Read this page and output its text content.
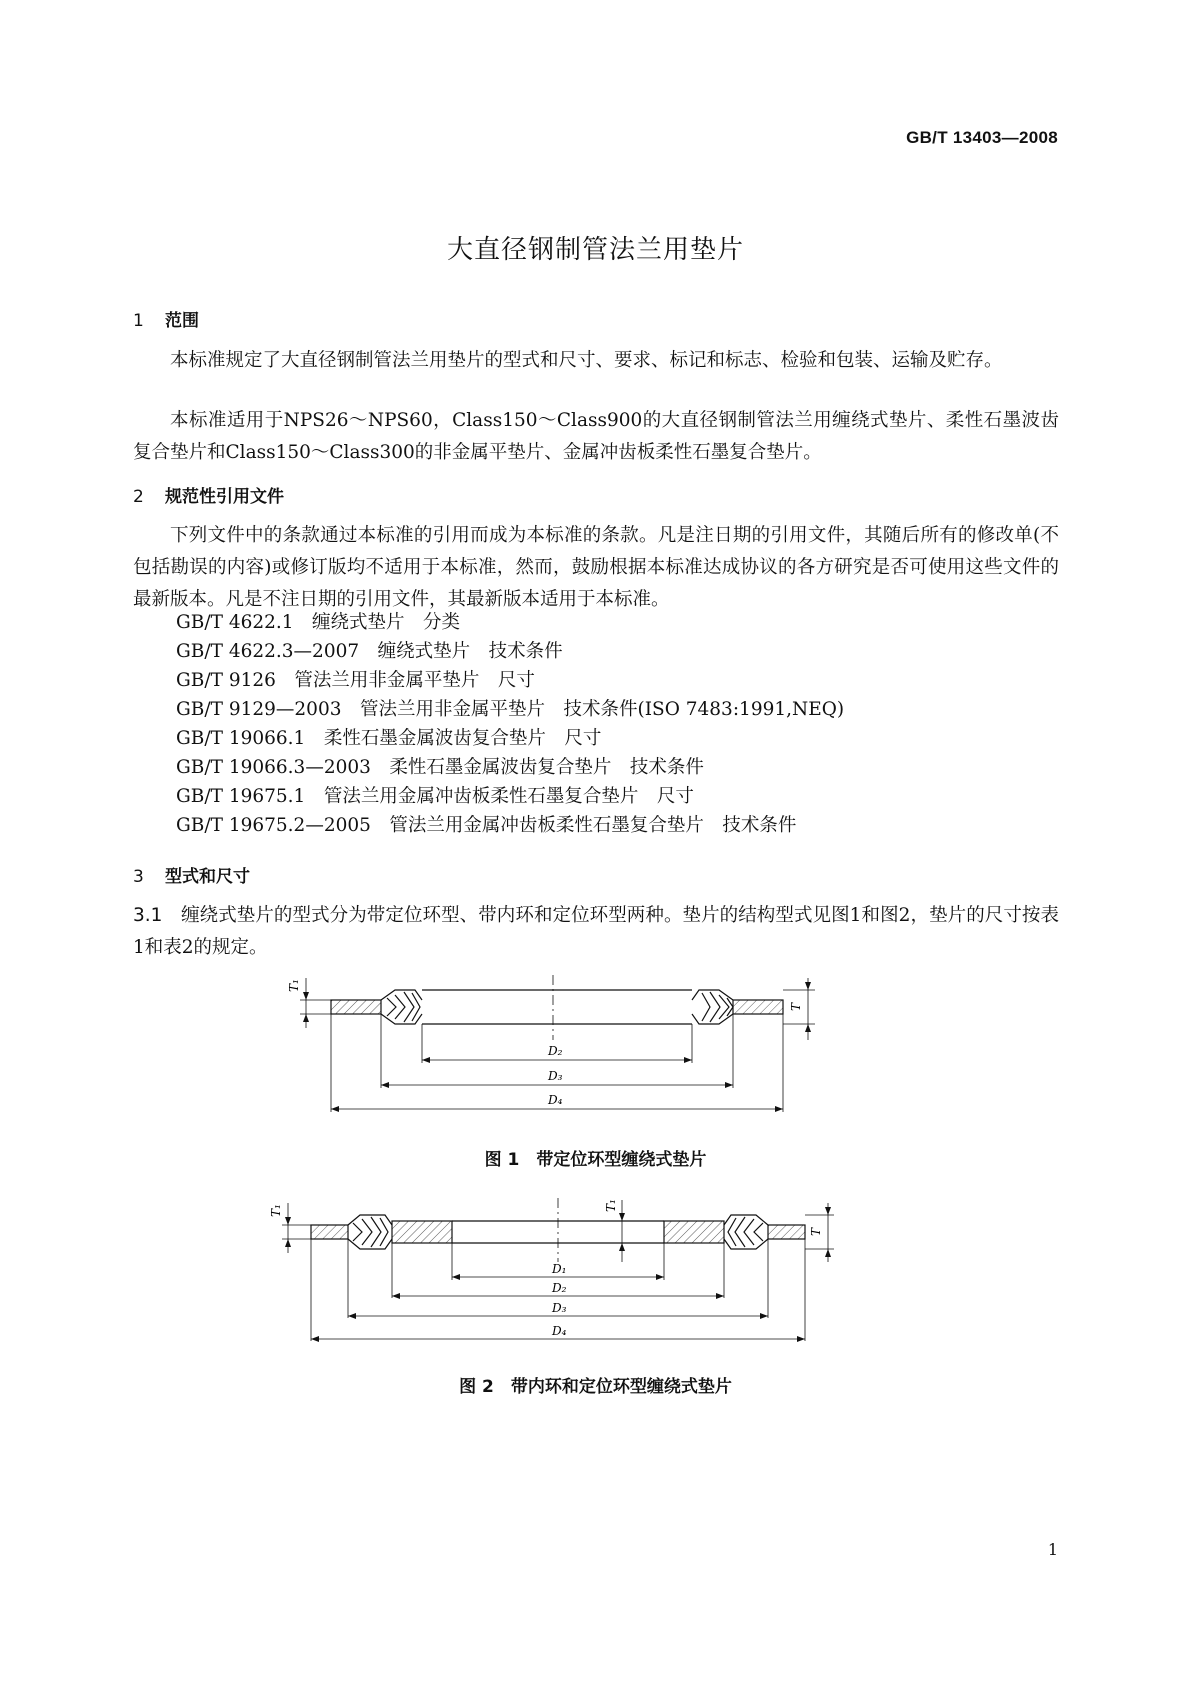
GB/T 13403—2008
大直径钢制管法兰用垫片
1 范围
本标准规定了大直径钢制管法兰用垫片的型式和尺寸、要求、标记和标志、检验和包装、运输及贮存。
本标准适用于NPS26～NPS60，Class150～Class900的大直径钢制管法兰用缠绕式垫片、柔性石墨波齿复合垫片和Class150～Class300的非金属平垫片、金属冲齿板柔性石墨复合垫片。
2 规范性引用文件
下列文件中的条款通过本标准的引用而成为本标准的条款。凡是注日期的引用文件，其随后所有的修改单(不包括勘误的内容)或修订版均不适用于本标准，然而，鼓励根据本标准达成协议的各方研究是否可使用这些文件的最新版本。凡是不注日期的引用文件，其最新版本适用于本标准。
GB/T 4622.1　缠绕式垫片　分类
GB/T 4622.3—2007　缠绕式垫片　技术条件
GB/T 9126　管法兰用非金属平垫片　尺寸
GB/T 9129—2003　管法兰用非金属平垫片　技术条件(ISO 7483:1991,NEQ)
GB/T 19066.1　柔性石墨金属波齿复合垫片　尺寸
GB/T 19066.3—2003　柔性石墨金属波齿复合垫片　技术条件
GB/T 19675.1　管法兰用金属冲齿板柔性石墨复合垫片　尺寸
GB/T 19675.2—2005　管法兰用金属冲齿板柔性石墨复合垫片　技术条件
3 型式和尺寸
3.1　 缠绕式垫片的型式分为带定位环型、带内环和定位环型两种。垫片的结构型式见图1和图2，垫片的尺寸按表1和表2的规定。
T₁
T
D₂
D₃
D₄
图 1　带定位环型缠绕式垫片
T₁	T₁
T
D₁
D₂
D₃
D₄
图 2　带内环和定位环型缠绕式垫片
1
